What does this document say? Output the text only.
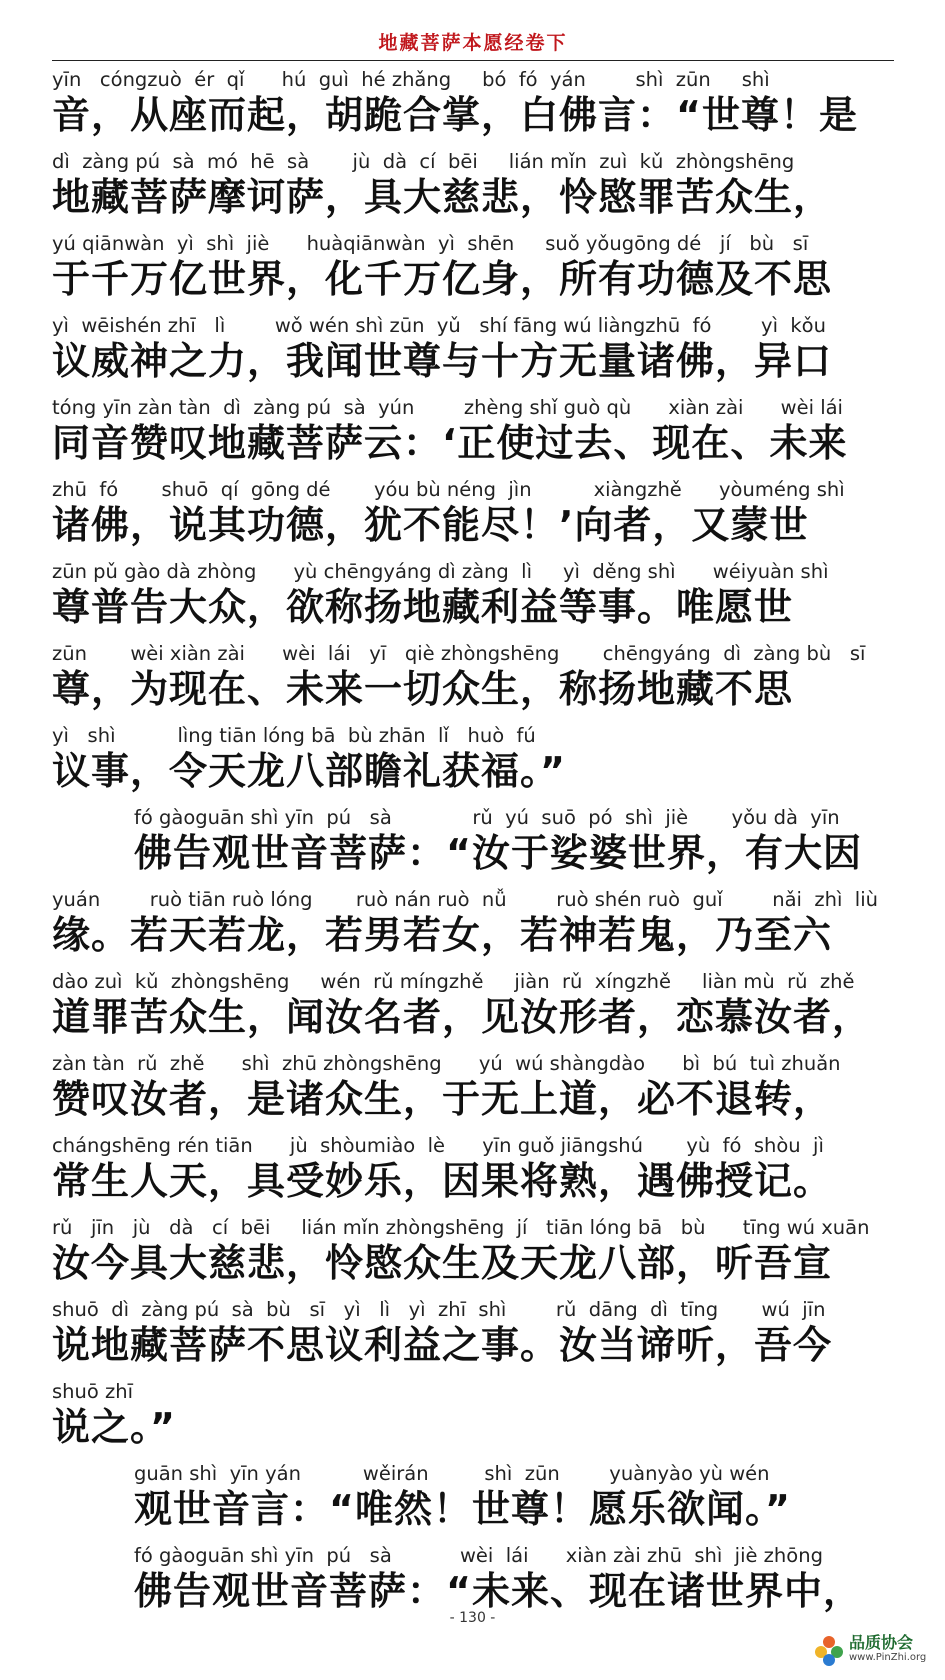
地藏菩萨本愿经卷下
yīn   cóngzuò  ér  qǐ      hú  guì  hé zhǎng     bó  fó  yán        shì  zūn     shì
音，从座而起，胡跪合掌，白佛言：“世尊！是
dì  zàng pú  sà  mó  hē  sà       jù  dà  cí  bēi     lián mǐn  zuì  kǔ  zhòngshēng
地藏菩萨摩诃萨，具大慈悲，怜愍罪苦众生，
yú qiānwàn  yì  shì  jiè      huàqiānwàn  yì  shēn     suǒ yǒugōng dé   jí   bù   sī
于千万亿世界，化千万亿身，所有功德及不思
yì  wēishén zhī   lì        wǒ wén shì zūn  yǔ   shí fāng wú liàngzhū  fó        yì  kǒu
议威神之力，我闻世尊与十方无量诸佛，异口
tóng yīn zàn tàn  dì  zàng pú  sà  yún        zhèng shǐ guò qù      xiàn zài      wèi lái
同音赞叹地藏菩萨云：‘正使过去、现在、未来
zhū  fó       shuō  qí  gōng dé       yóu bù néng  jìn          xiàngzhě      yòuméng shì
诸佛，说其功德，犹不能尽！’向者，又蒙世
zūn pǔ gào dà zhòng      yù chēngyáng dì zàng  lì     yì  děng shì      wéiyuàn shì
尊普告大众，欲称扬地藏利益等事。唯愿世
zūn       wèi xiàn zài      wèi  lái   yī   qiè zhòngshēng       chēngyáng  dì  zàng bù   sī
尊，为现在、未来一切众生，称扬地藏不思
yì   shì          lìng tiān lóng bā  bù zhān  lǐ   huò  fú
议事，令天龙八部瞻礼获福。”
fó gàoguān shì yīn  pú   sà             rǔ  yú  suō  pó  shì  jiè       yǒu dà  yīn
佛告观世音菩萨：“汝于娑婆世界，有大因
yuán        ruò tiān ruò lóng       ruò nán ruò  nǚ        ruò shén ruò  guǐ        nǎi  zhì  liù
缘。若天若龙，若男若女，若神若鬼，乃至六
dào zuì  kǔ  zhòngshēng     wén  rǔ míngzhě     jiàn  rǔ  xíngzhě     liàn mù  rǔ  zhě
道罪苦众生，闻汝名者，见汝形者，恋慕汝者，
zàn tàn  rǔ  zhě      shì  zhū zhòngshēng      yú  wú shàngdào      bì  bú  tuì zhuǎn
赞叹汝者，是诸众生，于无上道，必不退转，
chángshēng rén tiān      jù  shòumiào  lè      yīn guǒ jiāngshú       yù  fó  shòu  jì
常生人天，具受妙乐，因果将熟，遇佛授记。
rǔ   jīn   jù   dà   cí  bēi     lián mǐn zhòngshēng  jí   tiān lóng bā   bù      tīng wú xuān
汝今具大慈悲，怜愍众生及天龙八部，听吾宣
shuō  dì  zàng pú  sà  bù   sī   yì   lì   yì  zhī  shì        rǔ  dāng  dì  tīng       wú  jīn
说地藏菩萨不思议利益之事。汝当谛听，吾今
shuō zhī
说之。”
guān shì  yīn yán          wěirán         shì  zūn        yuànyào yù wén
观世音言：“唯然！世尊！愿乐欲闻。”
fó gàoguān shì yīn  pú   sà           wèi  lái      xiàn zài zhū  shì  jiè zhōng
佛告观世音菩萨：“未来、现在诸世界中，
- 130 -
品质协会
www.PinZhi.org
